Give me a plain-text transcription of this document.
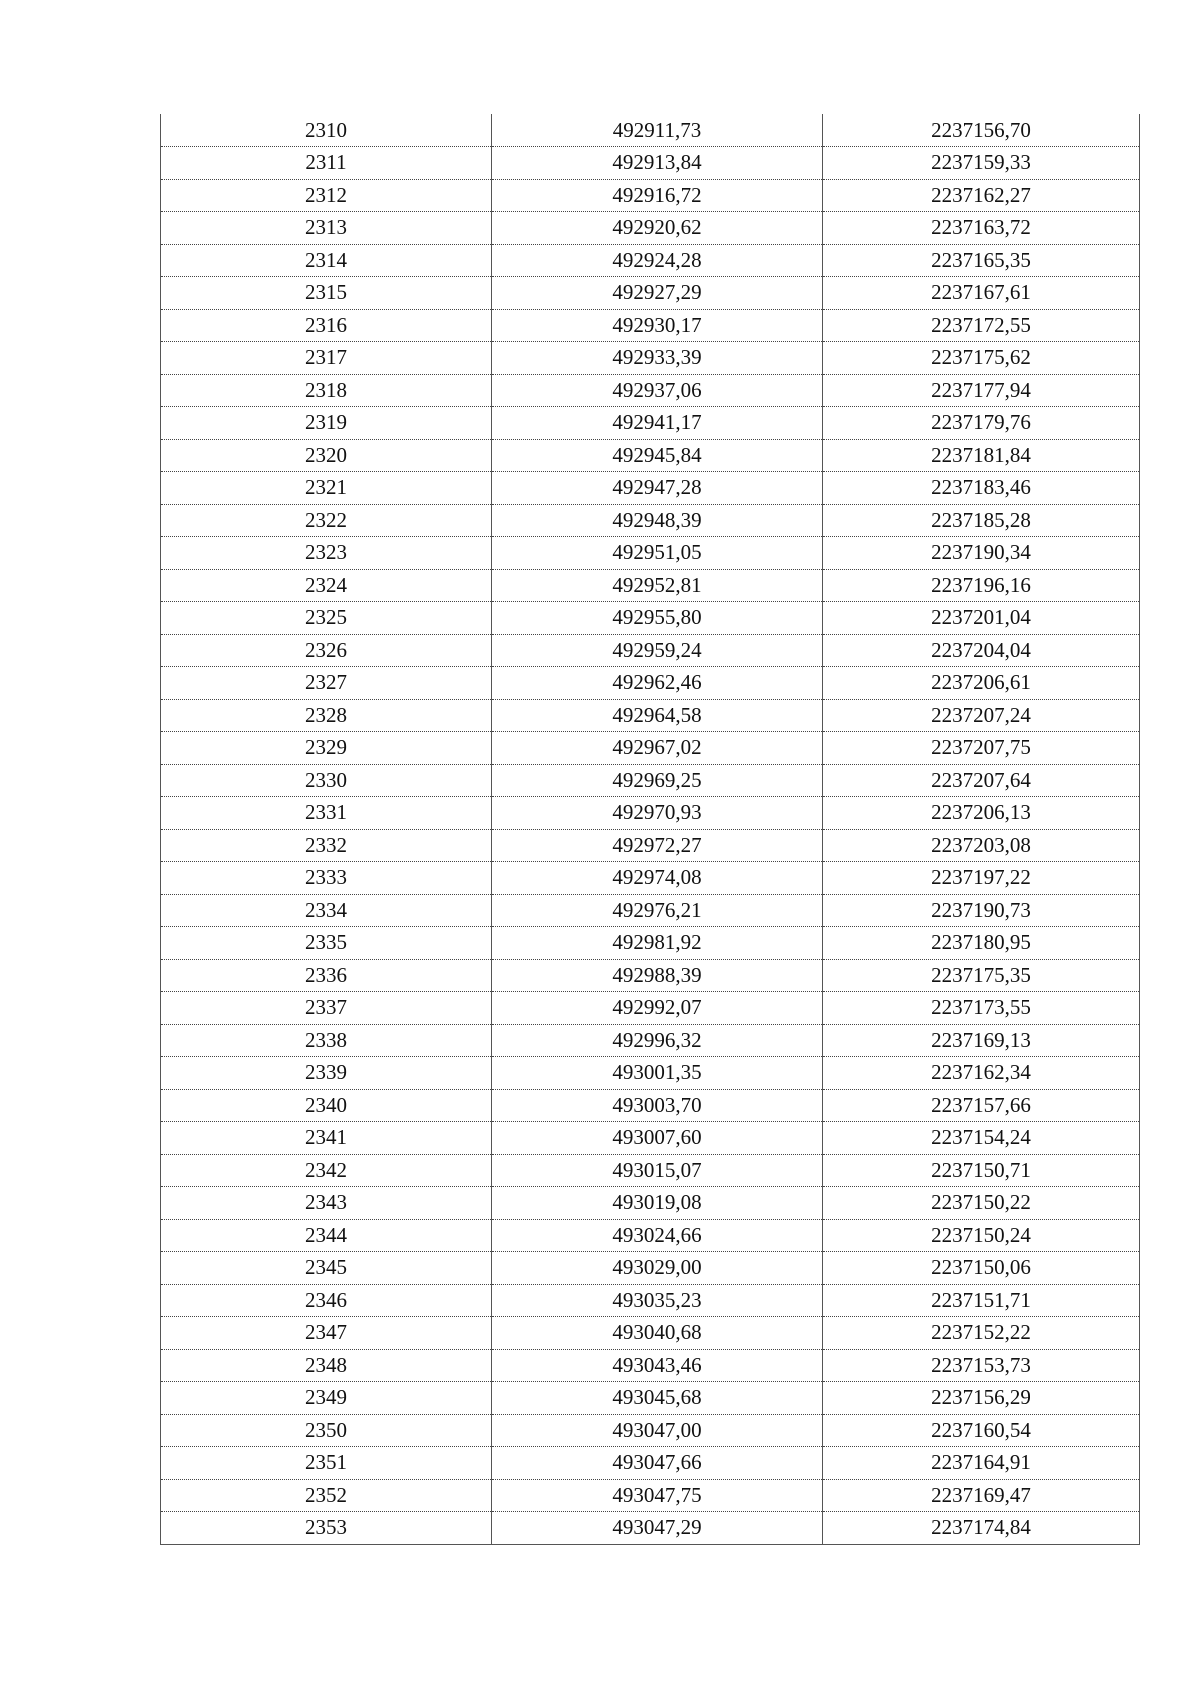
2310	492911,73	2237156,70
2311	492913,84	2237159,33
2312	492916,72	2237162,27
2313	492920,62	2237163,72
2314	492924,28	2237165,35
2315	492927,29	2237167,61
2316	492930,17	2237172,55
2317	492933,39	2237175,62
2318	492937,06	2237177,94
2319	492941,17	2237179,76
2320	492945,84	2237181,84
2321	492947,28	2237183,46
2322	492948,39	2237185,28
2323	492951,05	2237190,34
2324	492952,81	2237196,16
2325	492955,80	2237201,04
2326	492959,24	2237204,04
2327	492962,46	2237206,61
2328	492964,58	2237207,24
2329	492967,02	2237207,75
2330	492969,25	2237207,64
2331	492970,93	2237206,13
2332	492972,27	2237203,08
2333	492974,08	2237197,22
2334	492976,21	2237190,73
2335	492981,92	2237180,95
2336	492988,39	2237175,35
2337	492992,07	2237173,55
2338	492996,32	2237169,13
2339	493001,35	2237162,34
2340	493003,70	2237157,66
2341	493007,60	2237154,24
2342	493015,07	2237150,71
2343	493019,08	2237150,22
2344	493024,66	2237150,24
2345	493029,00	2237150,06
2346	493035,23	2237151,71
2347	493040,68	2237152,22
2348	493043,46	2237153,73
2349	493045,68	2237156,29
2350	493047,00	2237160,54
2351	493047,66	2237164,91
2352	493047,75	2237169,47
2353	493047,29	2237174,84
